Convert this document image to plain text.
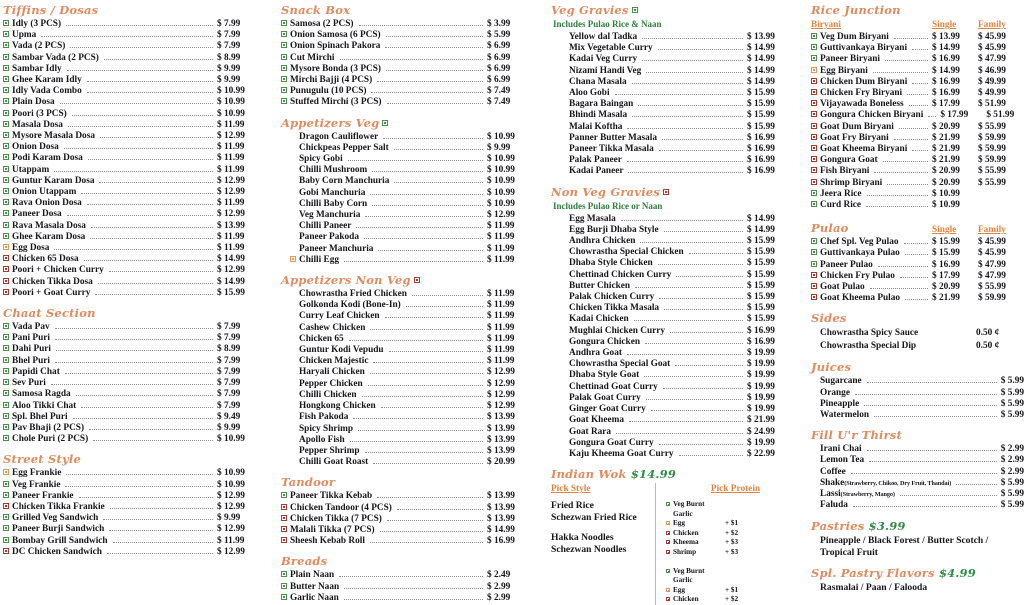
Tiffins / Dosas
Idly (3 PCS)	$ 7.99
Upma	$ 7.99
Vada (2 PCS)	$ 7.99
Sambar Vada (2 PCS)	$ 8.99
Sambar Idly	$ 9.99
Ghee Karam Idly	$ 9.99
Idly Vada Combo	$ 10.99
Plain Dosa	$ 10.99
Poori (3 PCS)	$ 10.99
Masala Dosa	$ 11.99
Mysore Masala Dosa	$ 12.99
Onion Dosa	$ 11.99
Podi Karam Dosa	$ 11.99
Utappam	$ 11.99
Guntur Karam Dosa	$ 12.99
Onion Utappam	$ 12.99
Rava Onion Dosa	$ 11.99
Paneer Dosa	$ 12.99
Rava Masala Dosa	$ 13.99
Ghee Karam Dosa	$ 11.99
Egg Dosa	$ 11.99
Chicken 65 Dosa	$ 14.99
Poori + Chicken Curry	$ 12.99
Chicken Tikka Dosa	$ 14.99
Poori + Goat Curry	$ 15.99
Chaat Section
Vada Pav	$ 7.99
Pani Puri	$ 7.99
Dahi Puri	$ 8.99
Bhel Puri	$ 7.99
Papidi Chat	$ 7.99
Sev Puri	$ 7.99
Samosa Ragda	$ 7.99
Aloo Tikki Chat	$ 7.99
Spl. Bhel Puri	$ 9.49
Pav Bhaji (2 PCS)	$ 9.99
Chole Puri (2 PCS)	$ 10.99
Street Style
Egg Frankie	$ 10.99
Veg Frankie	$ 10.99
Paneer Frankie	$ 12.99
Chicken Tikka Frankie	$ 12.99
Grilled Veg Sandwich	$ 9.99
Paneer Burji Sandwich	$ 12.99
Bombay Grill Sandwich	$ 11.99
DC Chicken Sandwich	$ 12.99
Snack Box
Samosa (2 PCS)	$ 3.99
Onion Samosa (6 PCS)	$ 5.99
Onion Spinach Pakora	$ 6.99
Cut Mirchi	$ 6.99
Mysore Bonda (3 PCS)	$ 6.99
Mirchi Bajji (4 PCS)	$ 6.99
Punugulu (10 PCS)	$ 7.49
Stuffed Mirchi (3 PCS)	$ 7.49
Appetizers Veg
Dragon Cauliflower	$ 10.99
Chickpeas Pepper Salt	$ 9.99
Spicy Gobi	$ 10.99
Chilli Mushroom	$ 10.99
Baby Corn Manchuria	$ 10.99
Gobi Manchuria	$ 10.99
Chilli Baby Corn	$ 10.99
Veg Manchuria	$ 12.99
Chilli Paneer	$ 11.99
Paneer Pakoda	$ 11.99
Paneer Manchuria	$ 11.99
Chilli Egg	$ 11.99
Appetizers Non Veg
Chowrastha Fried Chicken	$ 11.99
Golkonda Kodi (Bone-In)	$ 11.99
Curry Leaf Chicken	$ 11.99
Cashew Chicken	$ 11.99
Chicken 65	$ 11.99
Guntur Kodi Vepudu	$ 11.99
Chicken Majestic	$ 11.99
Haryali Chicken	$ 12.99
Pepper Chicken	$ 12.99
Chilli Chicken	$ 12.99
Hongkong Chicken	$ 12.99
Fish Pakoda	$ 13.99
Spicy Shrimp	$ 13.99
Apollo Fish	$ 13.99
Pepper Shrimp	$ 13.99
Chilli Goat Roast	$ 20.99
Tandoor
Paneer Tikka Kebab	$ 13.99
Chicken Tandoor (4 PCS)	$ 13.99
Chicken Tikka (7 PCS)	$ 13.99
Malali Tikka (7 PCS)	$ 14.99
Sheesh Kebab Roll	$ 16.99
Breads
Plain Naan	$ 2.49
Butter Naan	$ 2.99
Garlic Naan	$ 2.99
Veg Gravies
Includes Pulao Rice & Naan
Yellow dal Tadka	$ 13.99
Mix Vegetable Curry	$ 14.99
Kadai Veg Curry	$ 14.99
Nizami Handi Veg	$ 14.99
Chana Masala	$ 14.99
Aloo Gobi	$ 15.99
Bagara Baingan	$ 15.99
Bhindi Masala	$ 15.99
Malai Koftha	$ 15.99
Panner Butter Masala	$ 16.99
Paneer Tikka Masala	$ 16.99
Palak Paneer	$ 16.99
Kadai Paneer	$ 16.99
Non Veg Gravies
Includes Pulao Rice or Naan
Egg Masala	$ 14.99
Egg Burji Dhaba Style	$ 14.99
Andhra Chicken	$ 15.99
Chowrastha Special Chicken	$ 15.99
Dhaba Style Chicken	$ 15.99
Chettinad Chicken Curry	$ 15.99
Butter Chicken	$ 15.99
Palak Chicken Curry	$ 15.99
Chicken Tikka Masala	$ 15.99
Kadai Chicken	$ 15.99
Mughlai Chicken Curry	$ 16.99
Gongura Chicken	$ 16.99
Andhra Goat	$ 19.99
Chowrastha Special Goat	$ 19.99
Dhaba Style Goat	$ 19.99
Chettinad Goat Curry	$ 19.99
Palak Goat Curry	$ 19.99
Ginger Goat Curry	$ 19.99
Goat Kheema	$ 21.99
Goat Rara	$ 24.99
Gongura Goat Curry	$ 19.99
Kaju Kheema Goat Curry	$ 22.99
Indian Wok $14.99
Pick Style
Fried Rice
Schezwan Fried Rice
Hakka Noodles
Schezwan Noodles
Pick Protein
Veg Burnt Garlic
Egg	+ $1
Chicken	+ $2
Kheema	+ $3
Shrimp	+ $3
Veg Burnt Garlic
Egg	+ $1
Chicken	+ $2
Rice Junction
Biryani	Single	Family
Veg Dum Biryani	$ 13.99	$ 45.99
Guttivankaya Biryani	$ 14.99	$ 45.99
Paneer Biryani	$ 16.99	$ 47.99
Egg Biryani	$ 14.99	$ 46.99
Chicken Dum Biryani	$ 16.99	$ 49.99
Chicken Fry Biryani	$ 16.99	$ 49.99
Vijayawada Boneless	$ 17.99	$ 51.99
Gongura Chicken Biryani $ 17.99	$ 51.99
Goat Dum Biryani	$ 20.99	$ 55.99
Goat Fry Biryani	$ 21.99	$ 59.99
Goat Kheema Biryani	$ 21.99	$ 59.99
Gongura Goat	$ 21.99	$ 59.99
Fish Biryani	$ 20.99	$ 55.99
Shrimp Biryani	$ 20.99	$ 55.99
Jeera Rice	$ 10.99
Curd Rice	$ 10.99
Pulao	Single	Family
Chef Spl. Veg Pulao	$ 15.99	$ 45.99
Guttivankaya Pulao	$ 15.99	$ 45.99
Paneer Pulao	$ 16.99	$ 47.99
Chicken Fry Pulao	$ 17.99	$ 47.99
Goat Pulao	$ 20.99	$ 55.99
Goat Kheema Pulao	$ 21.99	$ 59.99
Sides
Chowrastha Spicy Sauce	0.50 ¢
Chowrastha Special Dip	0.50 ¢
Juices
Sugarcane	$ 5.99
Orange	$ 5.99
Pineapple	$ 5.99
Watermelon	$ 5.99
Fill U'r Thirst
Irani Chai	$ 2.99
Lemon Tea	$ 2.99
Coffee	$ 2.99
Shake (Strawberry, Chikoo, Dry Fruit, Thandai)	$ 5.99
Lassi (Strawberry, Mango)	$ 5.99
Faluda	$ 5.99
Pastries $3.99
Pineapple / Black Forest / Butter Scotch / Tropical Fruit
Spl. Pastry Flavors $4.99
Rasmalai / Paan / Falooda
